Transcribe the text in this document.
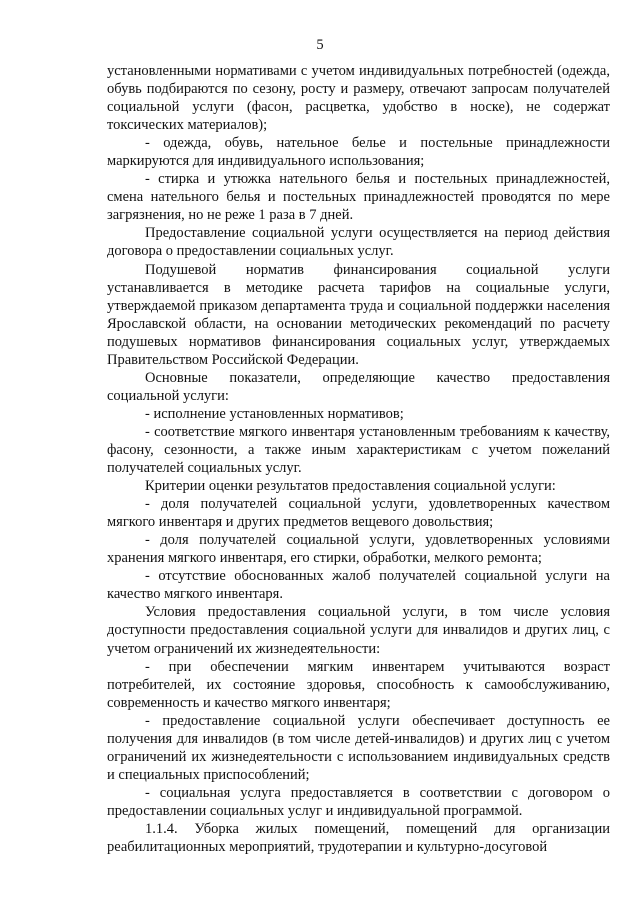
5

установленными нормативами с учетом индивидуальных потребностей (одежда, обувь подбираются по сезону, росту и размеру, отвечают запросам получателей социальной услуги (фасон, расцветка, удобство в носке), не содержат токсических материалов);

- одежда, обувь, нательное белье и постельные принадлежности маркируются для индивидуального использования;

- стирка и утюжка нательного белья и постельных принадлежностей, смена нательного белья и постельных принадлежностей проводятся по мере загрязнения, но не реже 1 раза в 7 дней.

Предоставление социальной услуги осуществляется на период действия договора о предоставлении социальных услуг.

Подушевой норматив финансирования социальной услуги устанавливается в методике расчета тарифов на социальные услуги, утверждаемой приказом департамента труда и социальной поддержки населения Ярославской области, на основании методических рекомендаций по расчету подушевых нормативов финансирования социальных услуг, утверждаемых Правительством Российской Федерации.

Основные показатели, определяющие качество предоставления социальной услуги:

- исполнение установленных нормативов;

- соответствие мягкого инвентаря установленным требованиям к качеству, фасону, сезонности, а также иным характеристикам с учетом пожеланий получателей социальных услуг.

Критерии оценки результатов предоставления социальной услуги:

- доля получателей социальной услуги, удовлетворенных качеством мягкого инвентаря и других предметов вещевого довольствия;

- доля получателей социальной услуги, удовлетворенных условиями хранения мягкого инвентаря, его стирки, обработки, мелкого ремонта;

- отсутствие обоснованных жалоб получателей социальной услуги на качество мягкого инвентаря.

Условия предоставления социальной услуги, в том числе условия доступности предоставления социальной услуги для инвалидов и других лиц, с учетом ограничений их жизнедеятельности:

- при обеспечении мягким инвентарем учитываются возраст потребителей, их состояние здоровья, способность к самообслуживанию, современность и качество мягкого инвентаря;

- предоставление социальной услуги обеспечивает доступность ее получения для инвалидов (в том числе детей-инвалидов) и других лиц с учетом ограничений их жизнедеятельности с использованием индивидуальных средств и специальных приспособлений;

- социальная услуга предоставляется в соответствии с договором о предоставлении социальных услуг и индивидуальной программой.

1.1.4. Уборка жилых помещений, помещений для организации реабилитационных мероприятий, трудотерапии и культурно-досуговой
